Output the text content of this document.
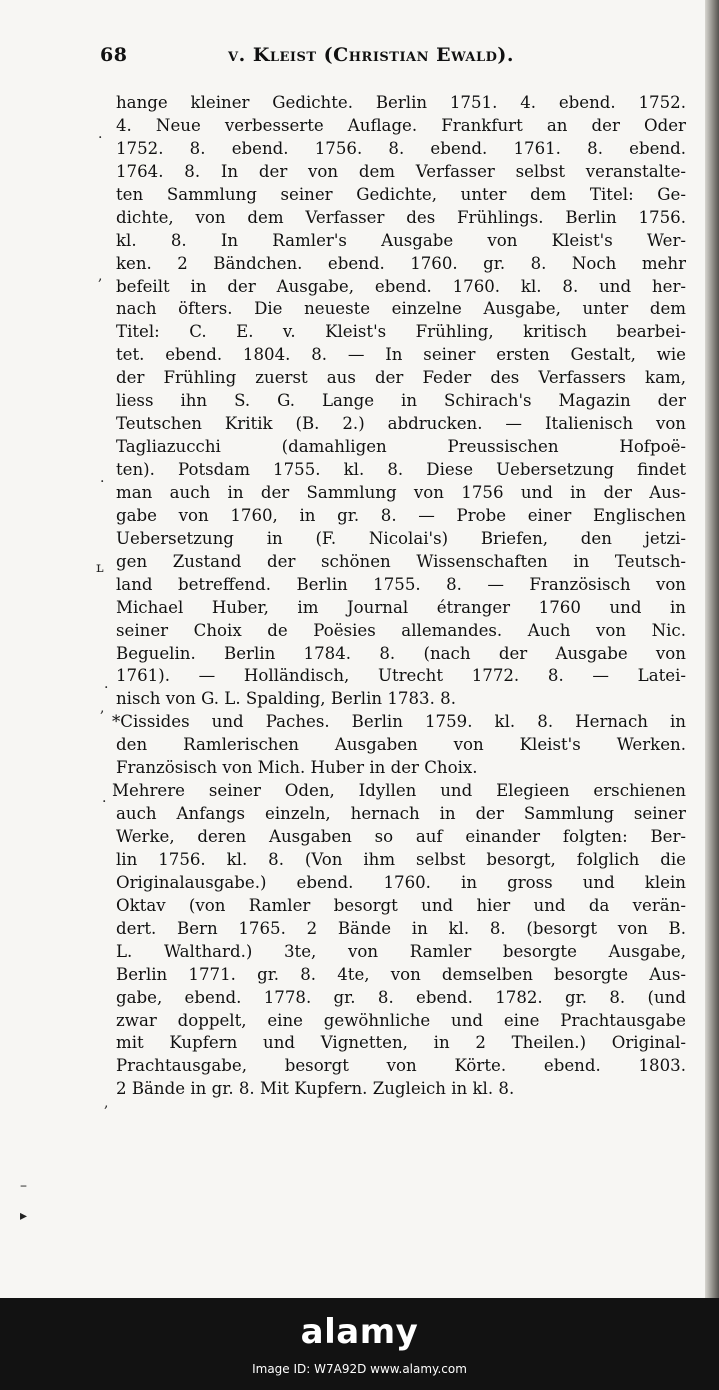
68	v. Kleist (Christian Ewald).
hange kleiner Gedichte. Berlin 1751. 4. ebend. 1752.
4. Neue verbesserte Auflage. Frankfurt an der Oder
1752. 8. ebend. 1756. 8. ebend. 1761. 8. ebend.
1764. 8. In der von dem Verfasser selbst veranstalte-
ten Sammlung seiner Gedichte, unter dem Titel: Ge-
dichte, von dem Verfasser des Frühlings. Berlin 1756.
kl. 8. In Ramler's Ausgabe von Kleist's Wer-
ken. 2 Bändchen. ebend. 1760. gr. 8. Noch mehr
befeilt in der Ausgabe, ebend. 1760. kl. 8. und her-
nach öfters. Die neueste einzelne Ausgabe, unter dem
Titel: C. E. v. Kleist's Frühling, kritisch bearbei-
tet. ebend. 1804. 8. — In seiner ersten Gestalt, wie
der Frühling zuerst aus der Feder des Verfassers kam,
liess ihn S. G. Lange in Schirach's Magazin der
Teutschen Kritik (B. 2.) abdrucken. — Italienisch von
Tagliazucchi (damahligen Preussischen Hofpoë-
ten). Potsdam 1755. kl. 8. Diese Uebersetzung findet
man auch in der Sammlung von 1756 und in der Aus-
gabe von 1760, in gr. 8. — Probe einer Englischen
Uebersetzung in (F. Nicolai's) Briefen, den jetzi-
gen Zustand der schönen Wissenschaften in Teutsch-
land betreffend. Berlin 1755. 8. — Französisch von
Michael Huber, im Journal étranger 1760 und in
seiner Choix de Poësies allemandes. Auch von Nic.
Beguelin. Berlin 1784. 8. (nach der Ausgabe von
1761). — Holländisch, Utrecht 1772. 8. — Latei-
nisch von G. L. Spalding, Berlin 1783. 8.
*Cissides und Paches. Berlin 1759. kl. 8. Hernach in
den Ramlerischen Ausgaben von Kleist's Werken.
Französisch von Mich. Huber in der Choix.
Mehrere seiner Oden, Idyllen und Elegieen erschienen
auch Anfangs einzeln, hernach in der Sammlung seiner
Werke, deren Ausgaben so auf einander folgten: Ber-
lin 1756. kl. 8. (Von ihm selbst besorgt, folglich die
Originalausgabe.) ebend. 1760. in gross und klein
Oktav (von Ramler besorgt und hier und da verän-
dert. Bern 1765. 2 Bände in kl. 8. (besorgt von B.
L. Walthard.) 3te, von Ramler besorgte Ausgabe,
Berlin 1771. gr. 8. 4te, von demselben besorgte Aus-
gabe, ebend. 1778. gr. 8. ebend. 1782. gr. 8. (und
zwar doppelt, eine gewöhnliche und eine Prachtausgabe
mit Kupfern und Vignetten, in 2 Theilen.) Original-
Prachtausgabe, besorgt von Körte. ebend. 1803.
2 Bände in gr. 8. Mit Kupfern. Zugleich in kl. 8.
.
,
.
ʟ
.
,
.
,
–
▸
alamy
Image ID: W7A92D www.alamy.com
